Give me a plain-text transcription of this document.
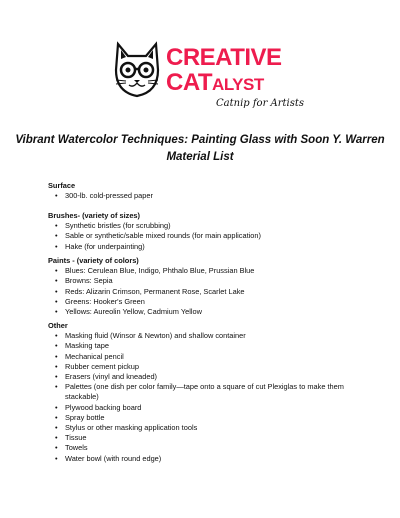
CREATIVE
CATALYST
Catnip for Artists
Vibrant Watercolor Techniques: Painting Glass with Soon Y. Warren
Material List
Surface
• 300-lb. cold-pressed paper
Brushes- (variety of sizes)
• Synthetic bristles (for scrubbing)
• Sable or synthetic/sable mixed rounds (for main application)
• Hake (for underpainting)
Paints - (variety of colors)
• Blues: Cerulean Blue, Indigo, Phthalo Blue, Prussian Blue
• Browns: Sepia
• Reds: Alizarin Crimson, Permanent Rose, Scarlet Lake
• Greens: Hooker's Green
• Yellows: Aureolin Yellow, Cadmium Yellow
Other
• Masking fluid (Winsor & Newton) and shallow container
• Masking tape
• Mechanical pencil
• Rubber cement pickup
• Erasers (vinyl and kneaded)
• Palettes (one dish per color family—tape onto a square of cut Plexiglas to make them stackable)
• Plywood backing board
• Spray bottle
• Stylus or other masking application tools
• Tissue
• Towels
• Water bowl (with round edge)
